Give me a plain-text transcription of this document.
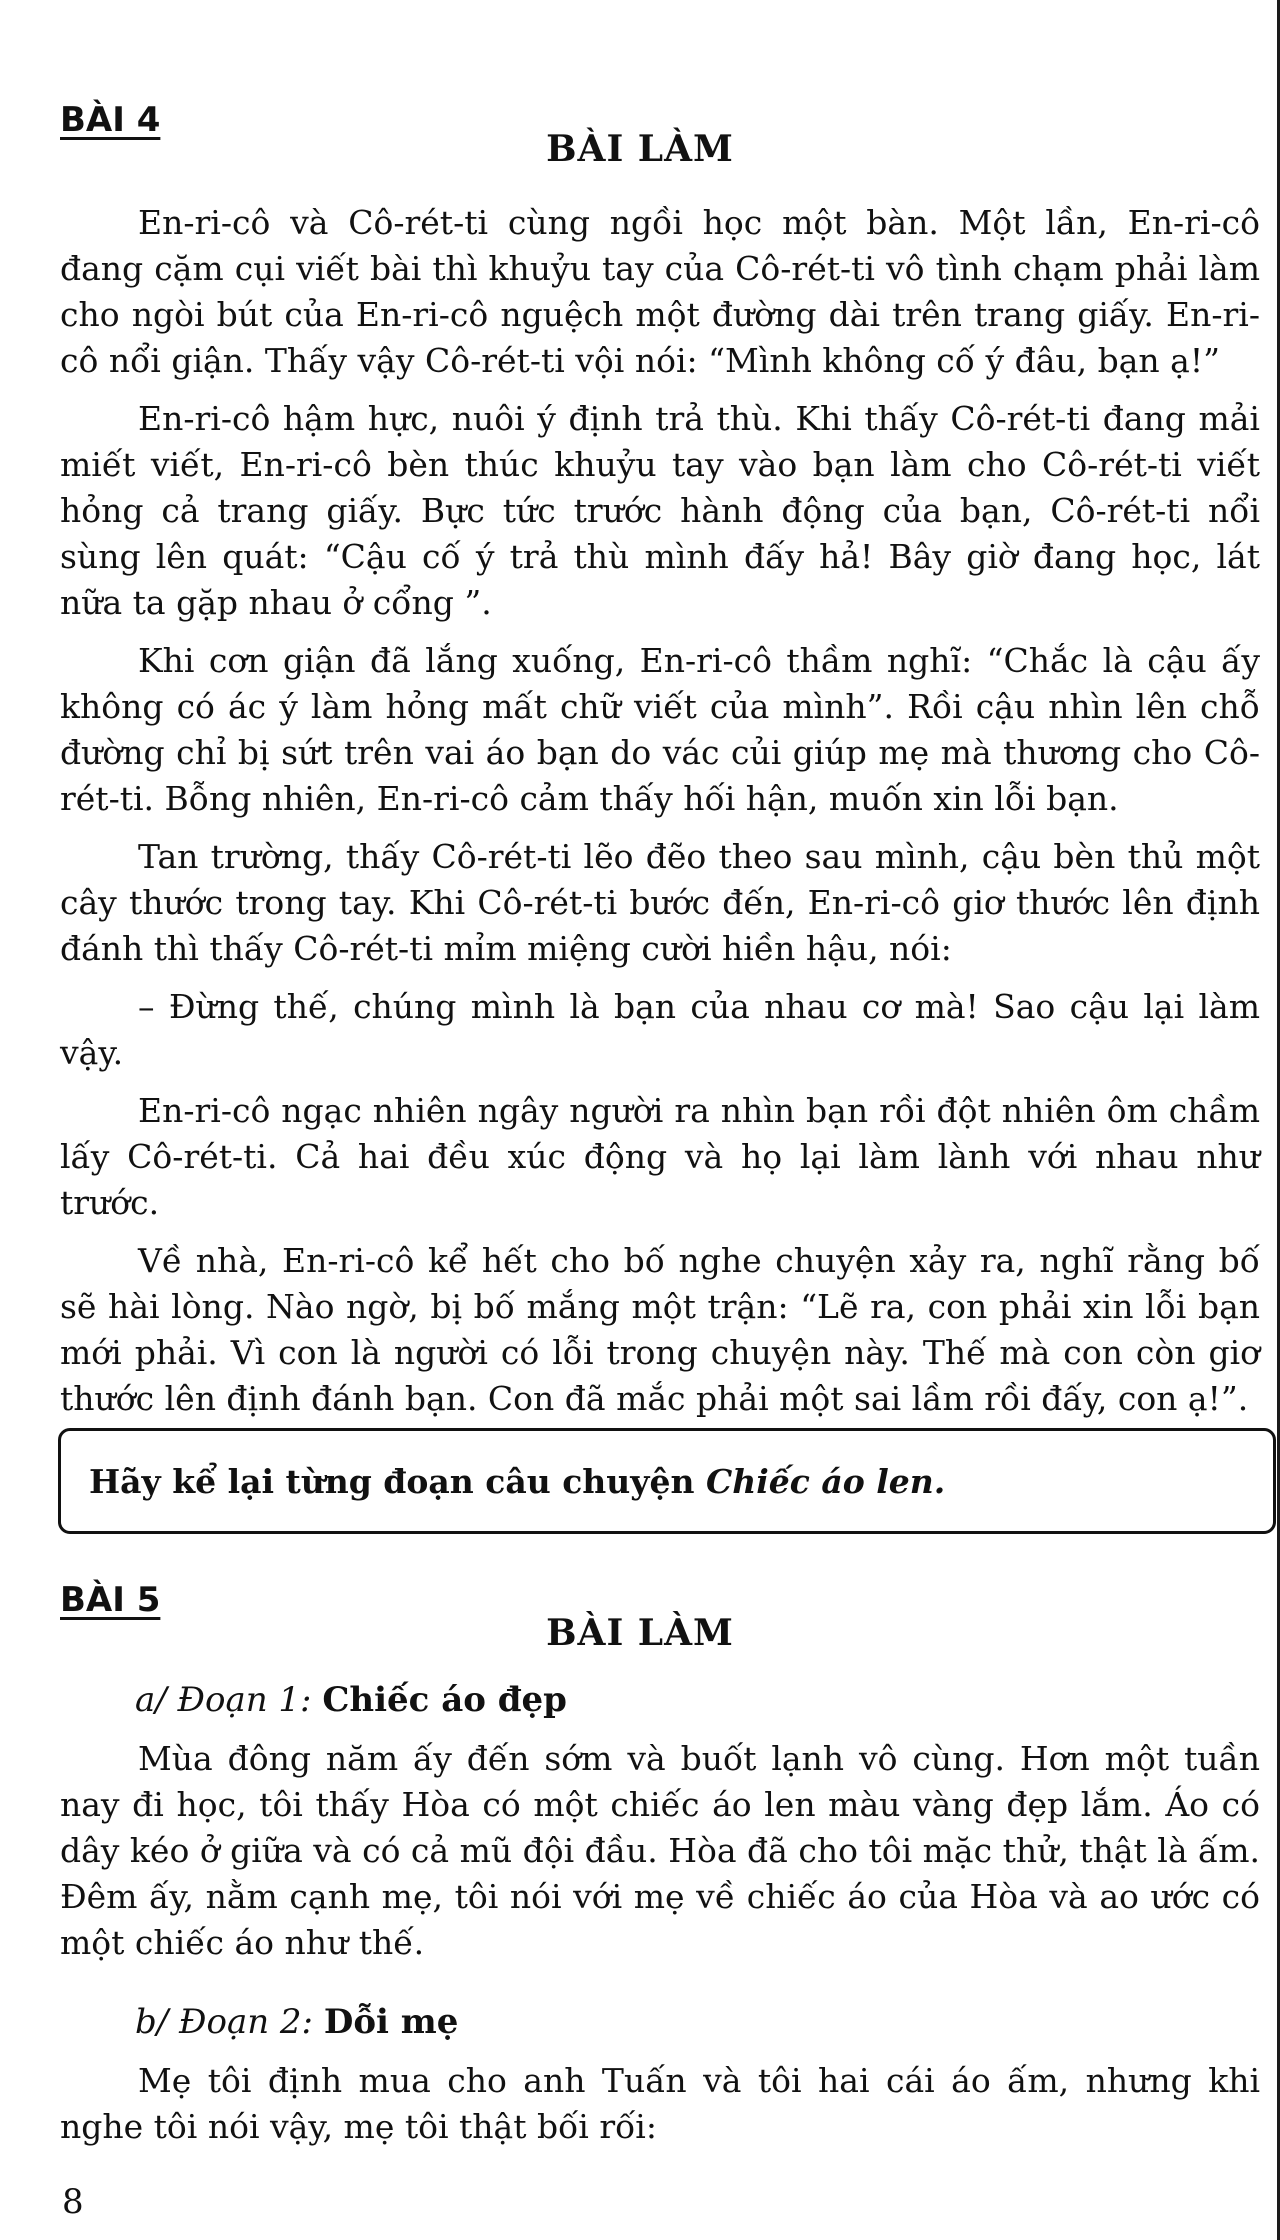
BÀI 4
BÀI LÀM

En-ri-cô và Cô-rét-ti cùng ngồi học một bàn. Một lần, En-ri-cô đang cặm cụi viết bài thì khuỷu tay của Cô-rét-ti vô tình chạm phải làm cho ngòi bút của En-ri-cô nguệch một đường dài trên trang giấy. En-ri-cô nổi giận. Thấy vậy Cô-rét-ti vội nói: “Mình không cố ý đâu, bạn ạ!”

En-ri-cô hậm hực, nuôi ý định trả thù. Khi thấy Cô-rét-ti đang mải miết viết, En-ri-cô bèn thúc khuỷu tay vào bạn làm cho Cô-rét-ti viết hỏng cả trang giấy. Bực tức trước hành động của bạn, Cô-rét-ti nổi sùng lên quát: “Cậu cố ý trả thù mình đấy hả! Bây giờ đang học, lát nữa ta gặp nhau ở cổng ”.

Khi cơn giận đã lắng xuống, En-ri-cô thầm nghĩ: “Chắc là cậu ấy không có ác ý làm hỏng mất chữ viết của mình”. Rồi cậu nhìn lên chỗ đường chỉ bị sứt trên vai áo bạn do vác củi giúp mẹ mà thương cho Cô-rét-ti. Bỗng nhiên, En-ri-cô cảm thấy hối hận, muốn xin lỗi bạn.

Tan trường, thấy Cô-rét-ti lẽo đẽo theo sau mình, cậu bèn thủ một cây thước trong tay. Khi Cô-rét-ti bước đến, En-ri-cô giơ thước lên định đánh thì thấy Cô-rét-ti mỉm miệng cười hiền hậu, nói:

– Đừng thế, chúng mình là bạn của nhau cơ mà! Sao cậu lại làm vậy.

En-ri-cô ngạc nhiên ngây người ra nhìn bạn rồi đột nhiên ôm chầm lấy Cô-rét-ti. Cả hai đều xúc động và họ lại làm lành với nhau như trước.

Về nhà, En-ri-cô kể hết cho bố nghe chuyện xảy ra, nghĩ rằng bố sẽ hài lòng. Nào ngờ, bị bố mắng một trận: “Lẽ ra, con phải xin lỗi bạn mới phải. Vì con là người có lỗi trong chuyện này. Thế mà con còn giơ thước lên định đánh bạn. Con đã mắc phải một sai lầm rồi đấy, con ạ!”.

Hãy kể lại từng đoạn câu chuyện
Chiếc áo len.
BÀI 5
BÀI LÀM
a/ Đoạn 1: Chiếc áo đẹp

Mùa đông năm ấy đến sớm và buốt lạnh vô cùng. Hơn một tuần nay đi học, tôi thấy Hòa có một chiếc áo len màu vàng đẹp lắm. Áo có dây kéo ở giữa và có cả mũ đội đầu. Hòa đã cho tôi mặc thử, thật là ấm. Đêm ấy, nằm cạnh mẹ, tôi nói với mẹ về chiếc áo của Hòa và ao ước có một chiếc áo như thế.

b/ Đoạn 2: Dỗi mẹ

Mẹ tôi định mua cho anh Tuấn và tôi hai cái áo ấm, nhưng khi nghe tôi nói vậy, mẹ tôi thật bối rối:

8
